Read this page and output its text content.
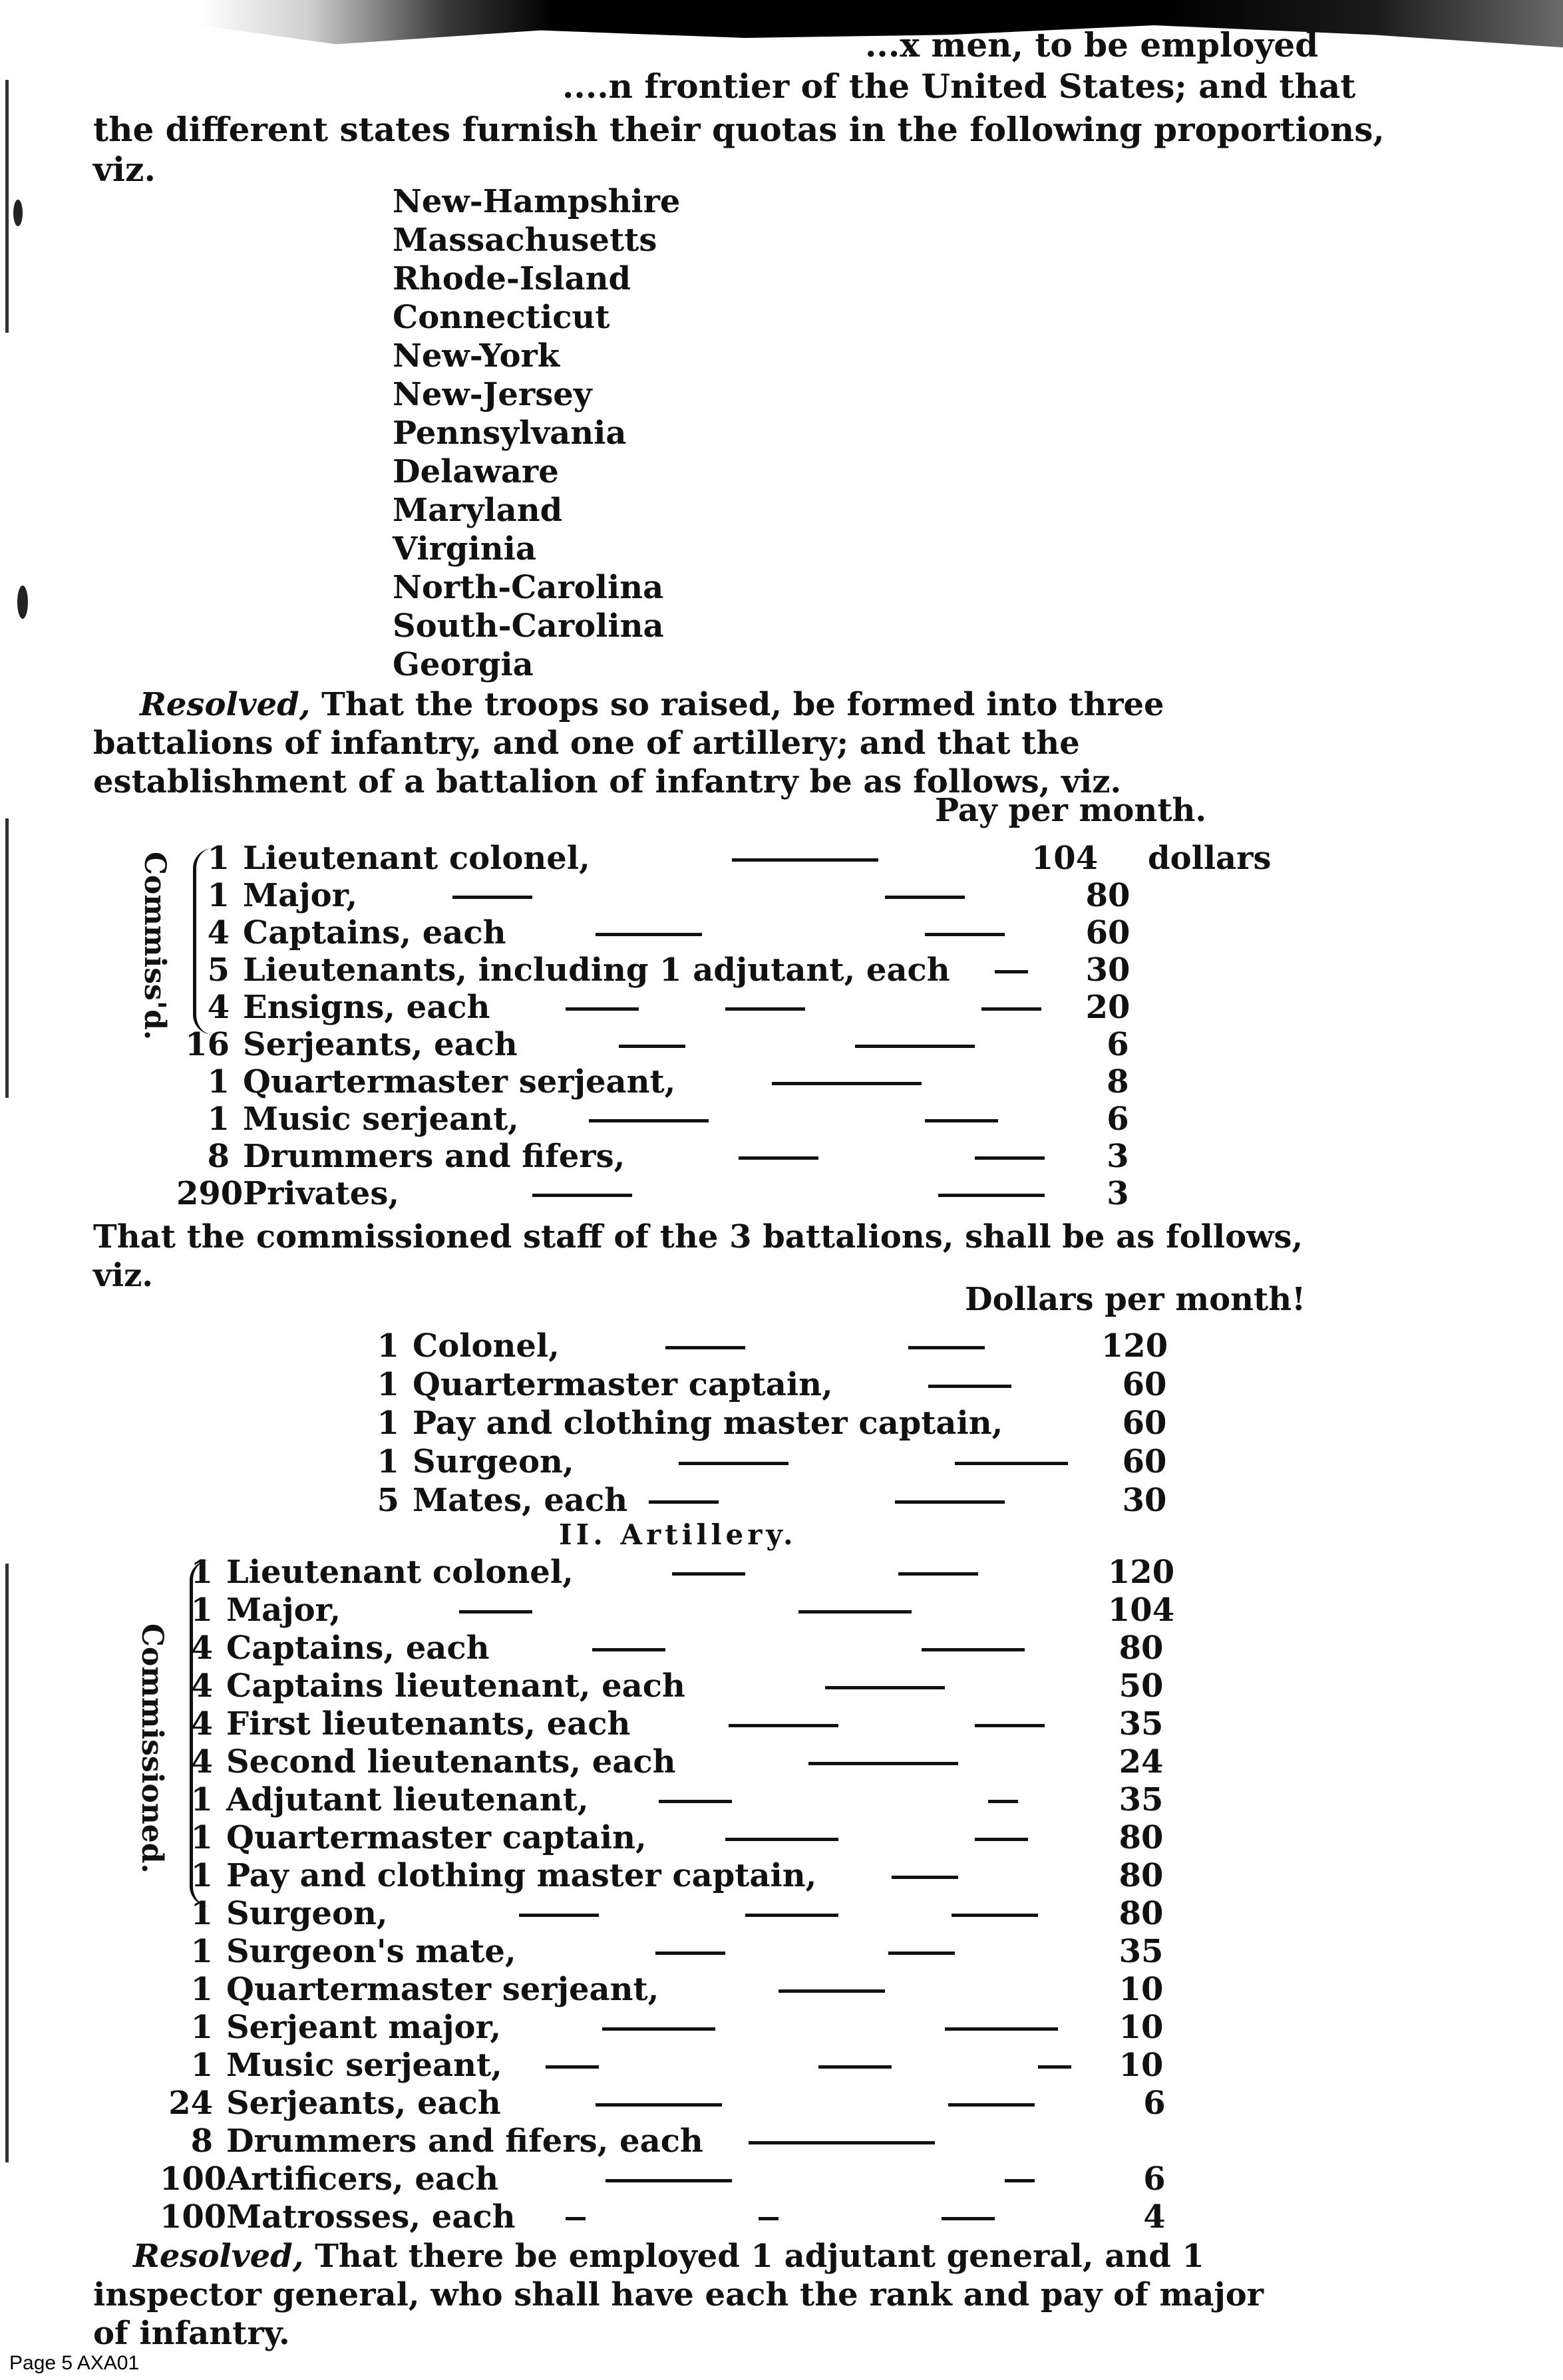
...x men, to be employed
....n frontier of the United States; and that
the different states furnish their quotas in the following proportions,
viz.
New-Hampshire
Massachusetts
Rhode-Island
Connecticut
New-York
New-Jersey
Pennsylvania
Delaware
Maryland
Virginia
North-Carolina
South-Carolina
Georgia
Resolved, That the troops so raised, be formed into three battalions of infantry, and one of artillery; and that the establishment of a battalion of infantry be as follows, viz.
Pay per month.
Commiss'd.	1 Lieutenant colonel,	104	dollars
1 Major,	80
4 Captains, each	60
5 Lieutenants, including 1 adjutant, each	30
4 Ensigns, each	20
16 Serjeants, each	6
1 Quartermaster serjeant,	8
1 Music serjeant,	6
8 Drummers and fifers,	3
290 Privates,	3
That the commissioned staff of the 3 battalions, shall be as follows, viz.
Dollars per month!
1 Colonel,	120
1 Quartermaster captain,	60
1 Pay and clothing master captain,	60
1 Surgeon,	60
5 Mates, each	30
II. Artillery.
Commissioned.
1 Lieutenant colonel,	120
1 Major,	104
4 Captains, each	80
4 Captains lieutenant, each	50
4 First lieutenants, each	35
4 Second lieutenants, each	24
1 Adjutant lieutenant,	35
1 Quartermaster captain,	80
1 Pay and clothing master captain,	80
1 Surgeon,	80
1 Surgeon's mate,	35
1 Quartermaster serjeant,	10
1 Serjeant major,	10
1 Music serjeant,	10
24 Serjeants, each	6
8 Drummers and fifers, each
100 Artificers, each	6
100 Matrosses, each	4
Resolved, That there be employed 1 adjutant general, and 1 inspector general, who shall have each the rank and pay of major of infantry.
Page 5 AXA01
